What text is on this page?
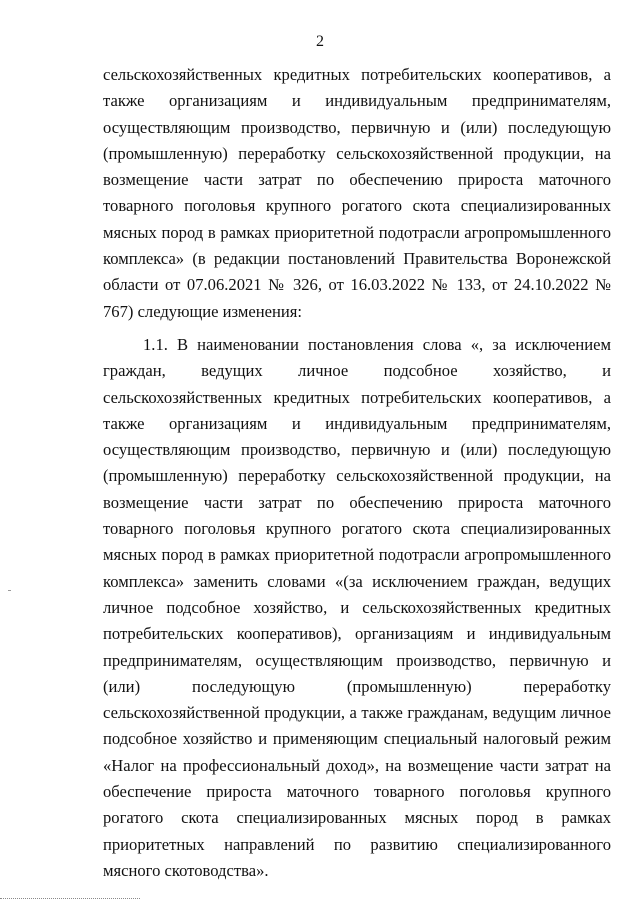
2

сельскохозяйственных кредитных потребительских кооперативов, а также организациям и индивидуальным предпринимателям, осуществляющим производство, первичную и (или) последующую (промышленную) переработку сельскохозяйственной продукции, на возмещение части затрат по обеспечению прироста маточного товарного поголовья крупного рогатого скота специализированных мясных пород в рамках приоритетной подотрасли агропромышленного комплекса» (в редакции постановлений Правительства Воронежской области от 07.06.2021 № 326, от 16.03.2022 № 133, от 24.10.2022 № 767) следующие изменения:

1.1. В наименовании постановления слова «, за исключением граждан, ведущих личное подсобное хозяйство, и сельскохозяйственных кредитных потребительских кооперативов, а также организациям и индивидуальным предпринимателям, осуществляющим производство, первичную и (или) последующую (промышленную) переработку сельскохозяйственной продукции, на возмещение части затрат по обеспечению прироста маточного товарного поголовья крупного рогатого скота специализированных мясных пород в рамках приоритетной подотрасли агропромышленного комплекса» заменить словами «(за исключением граждан, ведущих личное подсобное хозяйство, и сельскохозяйственных кредитных потребительских кооперативов), организациям и индивидуальным предпринимателям, осуществляющим производство, первичную и (или) последующую (промышленную) переработку сельскохозяйственной продукции, а также гражданам, ведущим личное подсобное хозяйство и применяющим специальный налоговый режим «Налог на профессиональный доход», на возмещение части затрат на обеспечение прироста маточного товарного поголовья крупного рогатого скота специализированных мясных пород в рамках приоритетных направлений по развитию специализированного мясного скотоводства».
